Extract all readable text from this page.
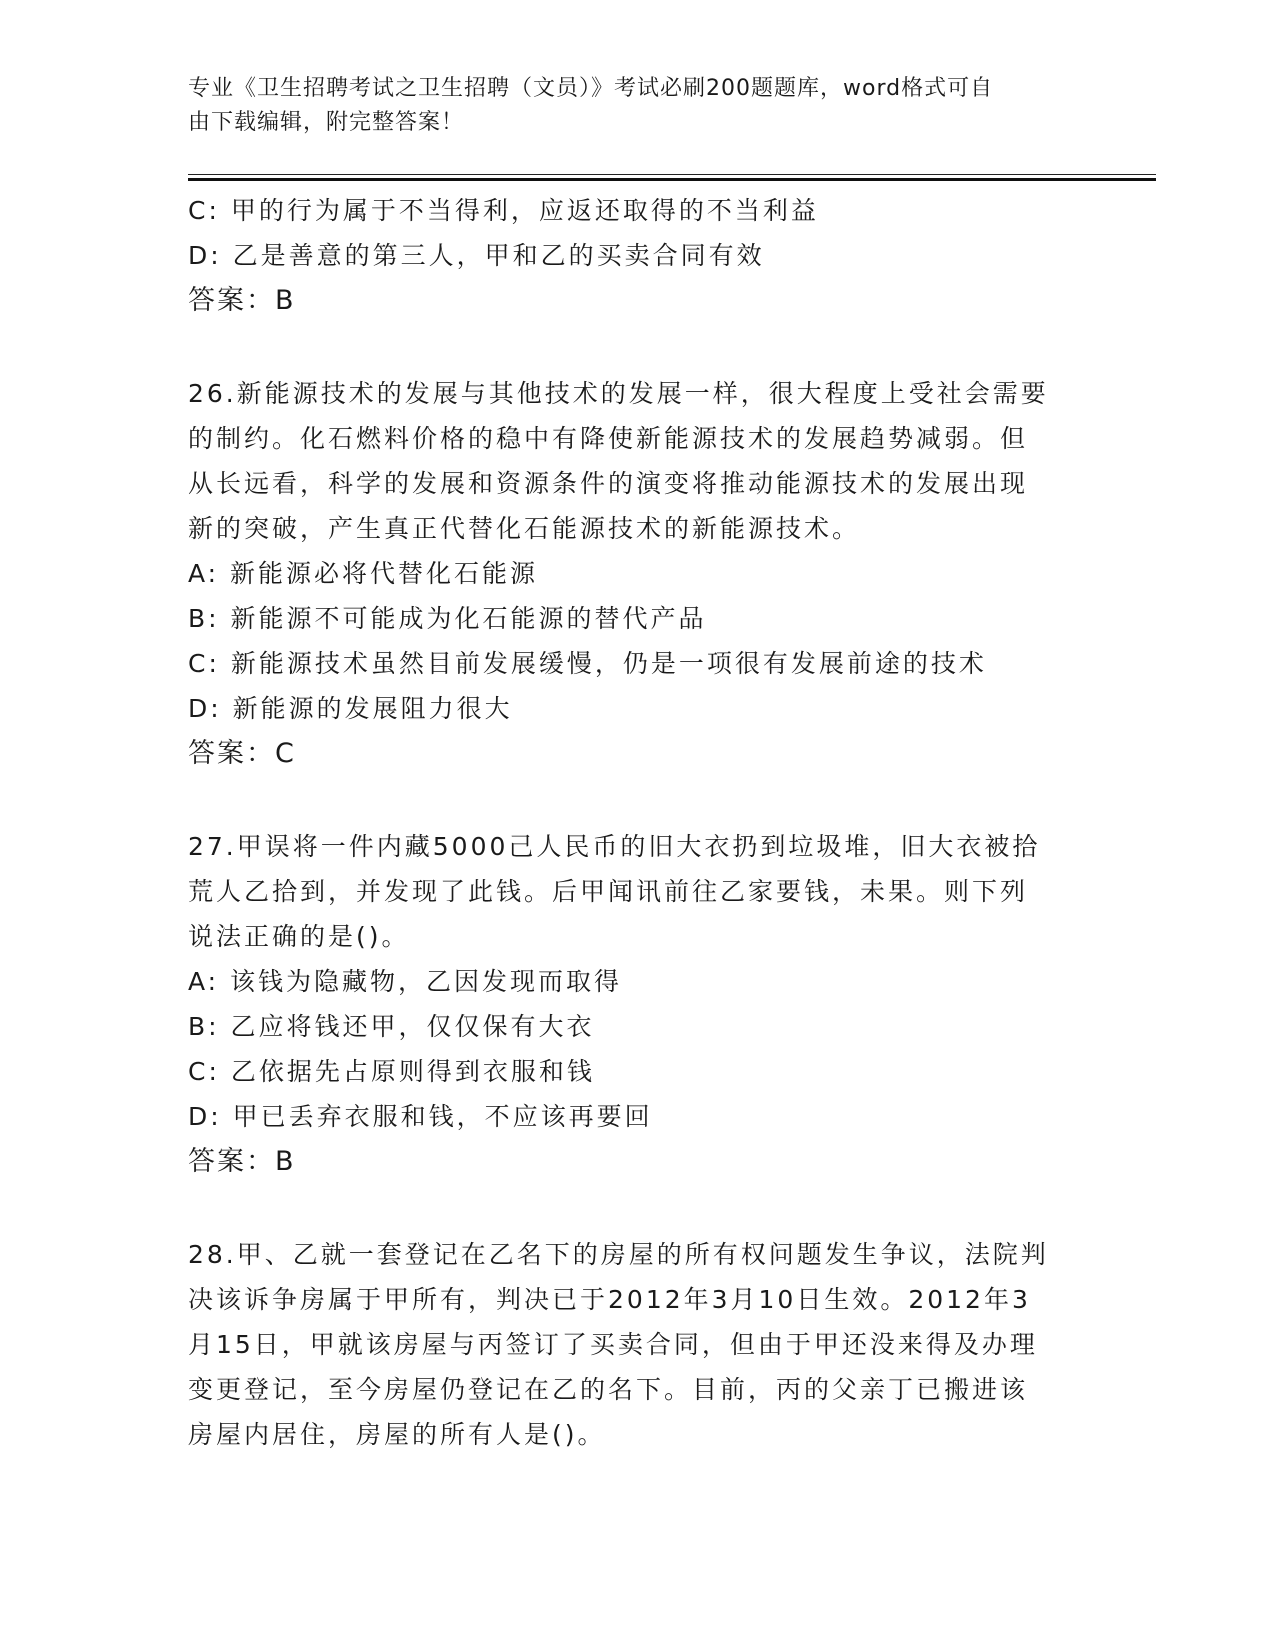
专业《卫生招聘考试之卫生招聘（文员）》考试必刷200题题库，word格式可自
由下载编辑，附完整答案！
C: 甲的行为属于不当得利，应返还取得的不当利益
D: 乙是善意的第三人，甲和乙的买卖合同有效
答案：B
26.新能源技术的发展与其他技术的发展一样，很大程度上受社会需要
的制约。化石燃料价格的稳中有降使新能源技术的发展趋势减弱。但
从长远看，科学的发展和资源条件的演变将推动能源技术的发展出现
新的突破，产生真正代替化石能源技术的新能源技术。
A: 新能源必将代替化石能源
B: 新能源不可能成为化石能源的替代产品
C: 新能源技术虽然目前发展缓慢，仍是一项很有发展前途的技术
D: 新能源的发展阻力很大
答案：C
27.甲误将一件内藏5000己人民币的旧大衣扔到垃圾堆，旧大衣被拾
荒人乙拾到，并发现了此钱。后甲闻讯前往乙家要钱，未果。则下列
说法正确的是()。
A: 该钱为隐藏物，乙因发现而取得
B: 乙应将钱还甲，仅仅保有大衣
C: 乙依据先占原则得到衣服和钱
D: 甲已丢弃衣服和钱，不应该再要回
答案：B
28.甲、乙就一套登记在乙名下的房屋的所有权问题发生争议，法院判
决该诉争房属于甲所有，判决已于2012年3月10日生效。2012年3
月15日，甲就该房屋与丙签订了买卖合同，但由于甲还没来得及办理
变更登记，至今房屋仍登记在乙的名下。目前，丙的父亲丁已搬进该
房屋内居住，房屋的所有人是()。
